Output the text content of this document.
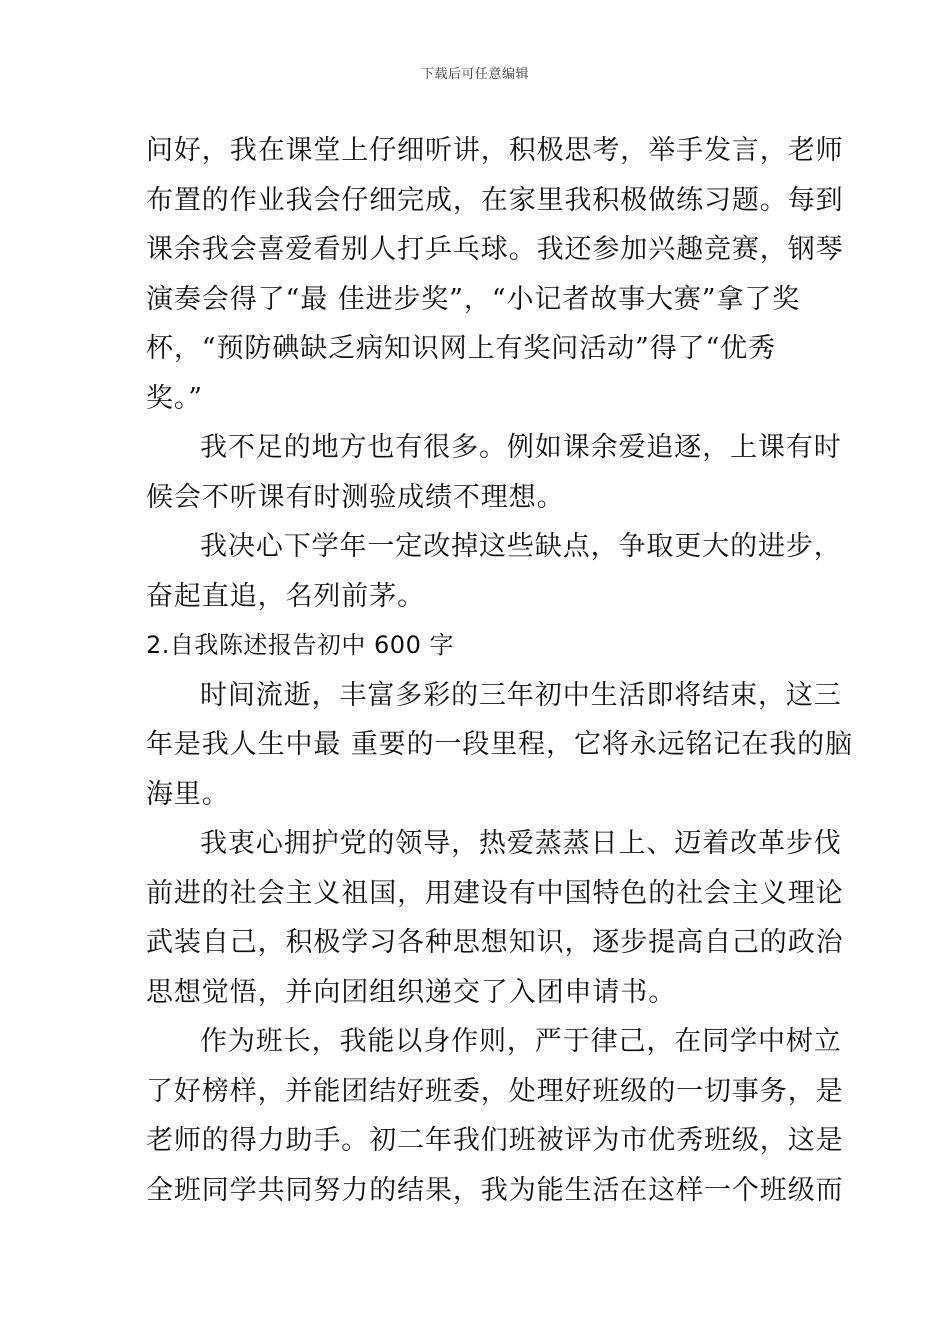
下载后可任意编辑
问好，我在课堂上仔细听讲，积极思考，举手发言，老师
布置的作业我会仔细完成，在家里我积极做练习题。每到
课余我会喜爱看别人打乒乓球。我还参加兴趣竞赛，钢琴
演奏会得了“最 佳进步奖”，“小记者故事大赛”拿了奖
杯，“预防碘缺乏病知识网上有奖问活动”得了“优秀
奖。”
我不足的地方也有很多。例如课余爱追逐，上课有时
候会不听课有时测验成绩不理想。
我决心下学年一定改掉这些缺点，争取更大的进步，
奋起直追，名列前茅。
2.自我陈述报告初中 600 字
时间流逝，丰富多彩的三年初中生活即将结束，这三
年是我人生中最 重要的一段里程，它将永远铭记在我的脑
海里。
我衷心拥护党的领导，热爱蒸蒸日上、迈着改革步伐
前进的社会主义祖国，用建设有中国特色的社会主义理论
武装自己，积极学习各种思想知识，逐步提高自己的政治
思想觉悟，并向团组织递交了入团申请书。
作为班长，我能以身作则，严于律己，在同学中树立
了好榜样，并能团结好班委，处理好班级的一切事务，是
老师的得力助手。初二年我们班被评为市优秀班级，这是
全班同学共同努力的结果，我为能生活在这样一个班级而
